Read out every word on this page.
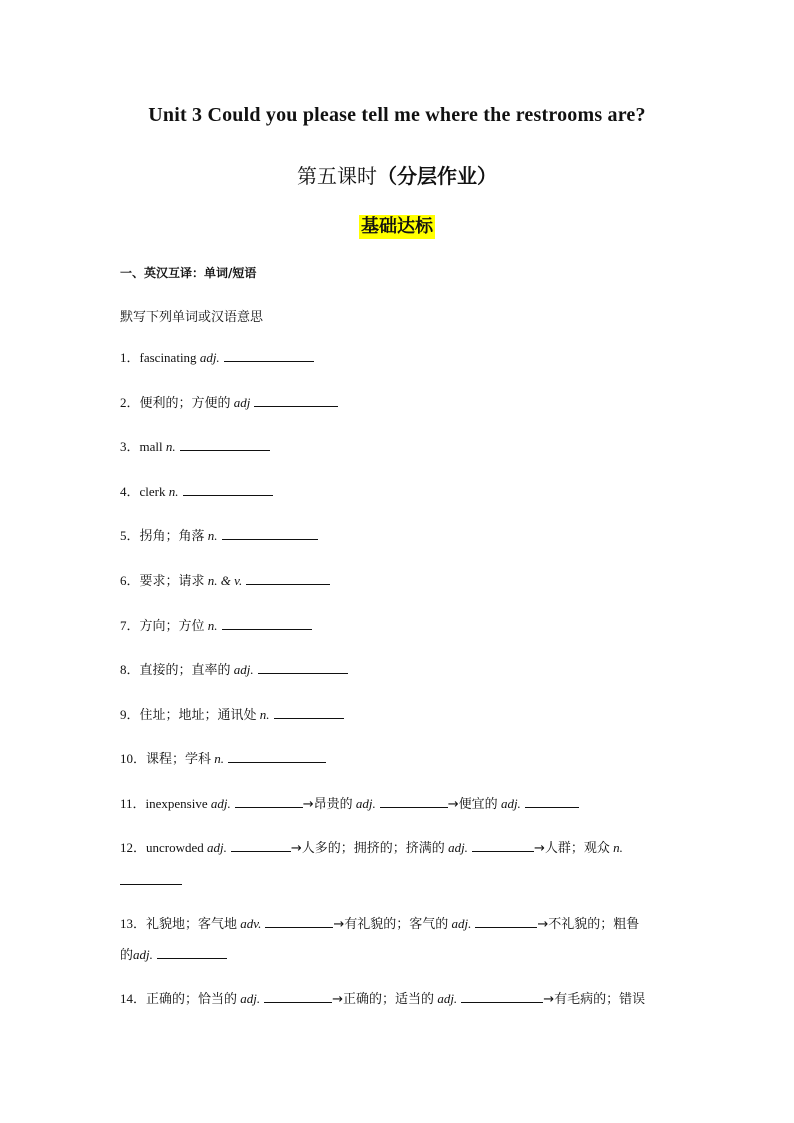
Unit 3 Could you please tell me where the restrooms are?
第五课时（分层作业）
基础达标
一、英汉互译：单词/短语
默写下列单词或汉语意思
1．fascinating adj.
2．便利的；方便的 adj
3．mall n.
4．clerk n.
5．拐角；角落 n.
6．要求；请求 n. & v.
7．方向；方位 n.
8．直接的；直率的 adj.
9．住址；地址；通讯处 n.
10．课程；学科 n.
11．inexpensive adj.	→昂贵的 adj.	→便宜的 adj.
12．uncrowded adj.	→人多的；拥挤的；挤满的 adj.	→人群；观众 n.
13．礼貌地；客气地 adv.	→有礼貌的；客气的 adj.	→不礼貌的；粗鲁
的adj.
14．正确的；恰当的 adj.	→正确的；适当的 adj.	→有毛病的；错误
